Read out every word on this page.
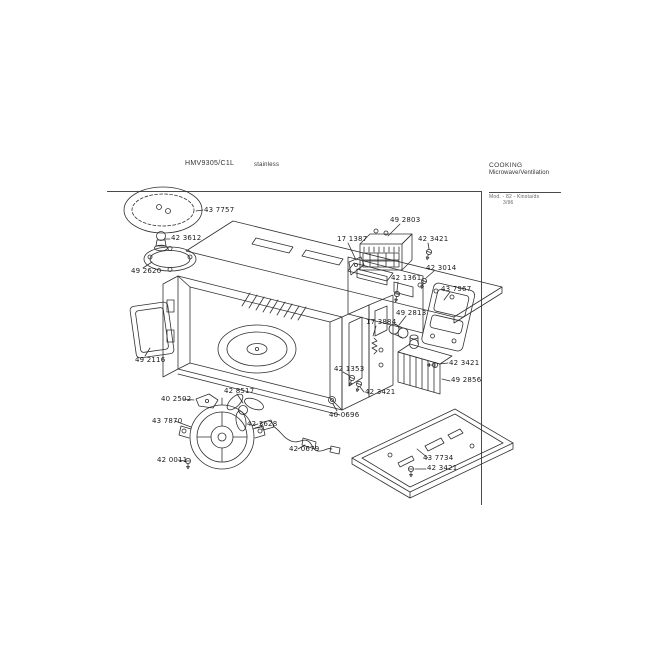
HMV9305/C1L	stainless	COOKING
Microwave/Ventilation
Mod. - 82 - Kinsta/ds
3/96
43 7757
42 3612
49 2620
49 2803
17 1387	42 3421
42 3014
43 7967
42 1361
49 2813
17 3884
42 3421
49 2856
42 1353
42 3421
40 0696
49 2116
40 2502
42 8517
43 7870
42 0011
42 3628
42 0679
43 7734
42 3421
